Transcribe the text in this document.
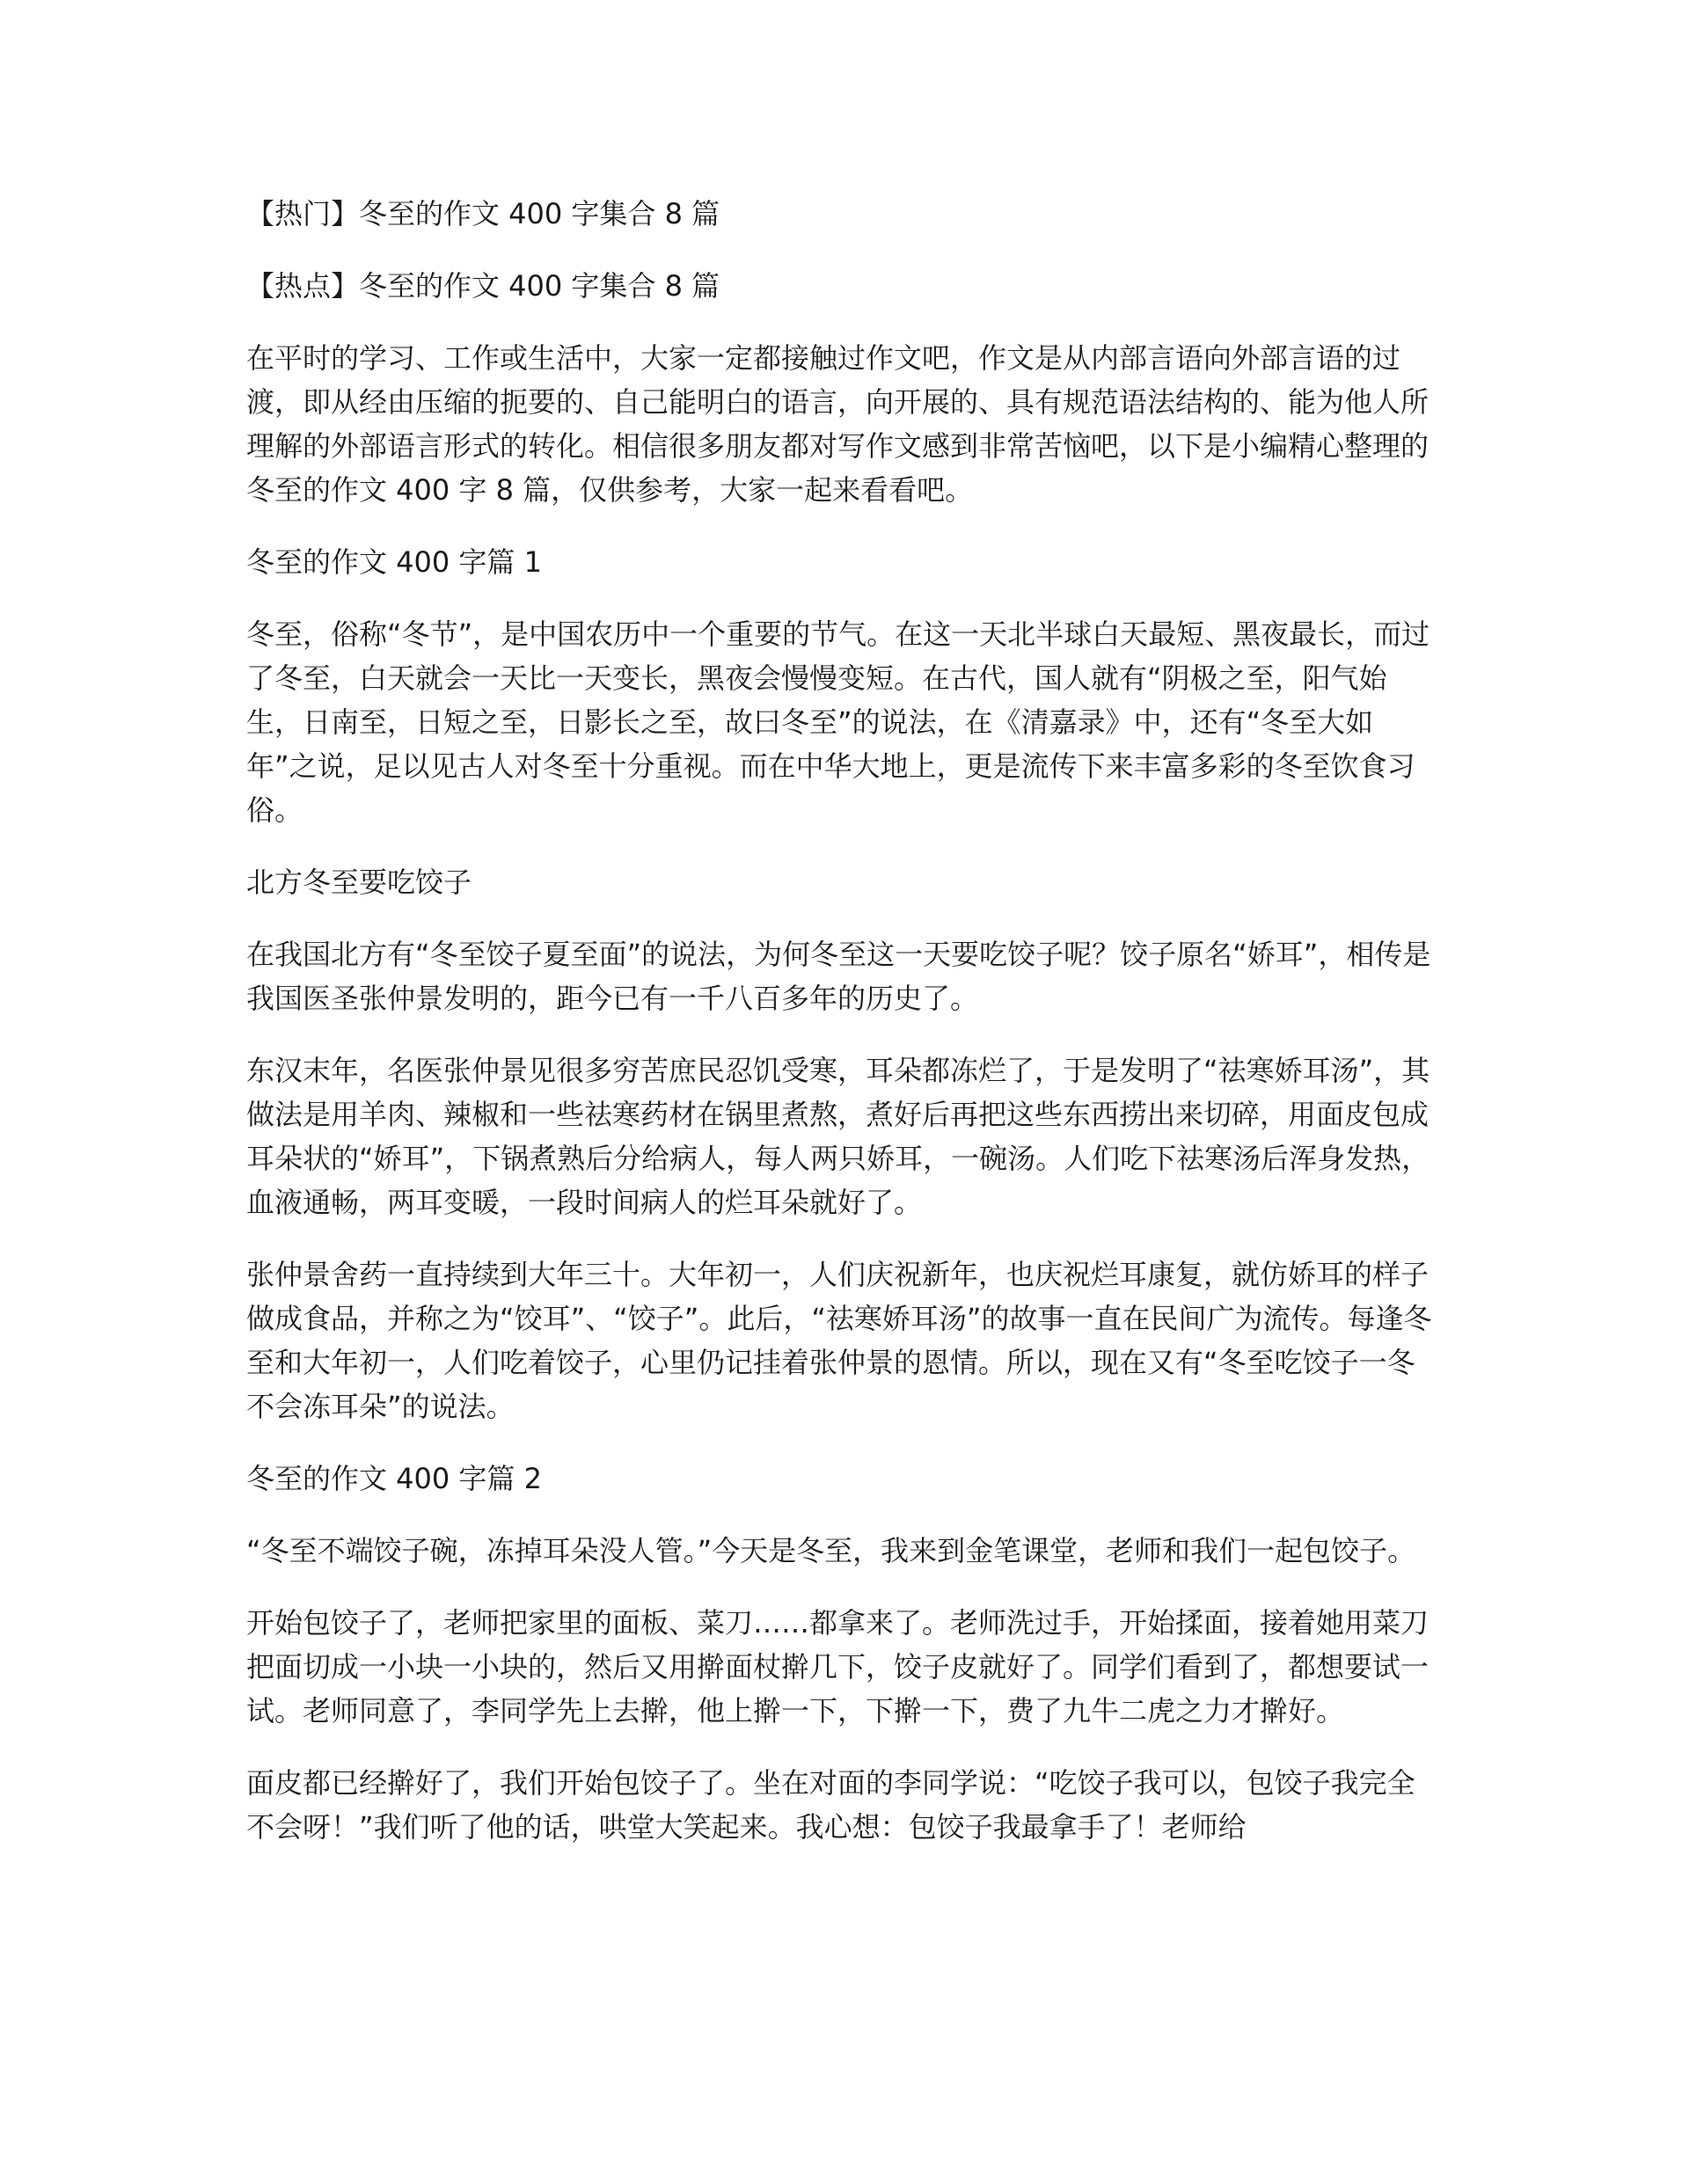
【热门】冬至的作文 400 字集合 8 篇
【热点】冬至的作文 400 字集合 8 篇
在平时的学习、工作或生活中，大家一定都接触过作文吧，作文是从内部言语向外部言语的过渡，即从经由压缩的扼要的、自己能明白的语言，向开展的、具有规范语法结构的、能为他人所理解的外部语言形式的转化。相信很多朋友都对写作文感到非常苦恼吧，以下是小编精心整理的冬至的作文 400 字 8 篇，仅供参考，大家一起来看看吧。
冬至的作文 400 字篇 1
冬至，俗称“冬节”，是中国农历中一个重要的节气。在这一天北半球白天最短、黑夜最长，而过了冬至，白天就会一天比一天变长，黑夜会慢慢变短。在古代，国人就有“阴极之至，阳气始生，日南至，日短之至，日影长之至，故曰冬至”的说法，在《清嘉录》中，还有“冬至大如年”之说，足以见古人对冬至十分重视。而在中华大地上，更是流传下来丰富多彩的冬至饮食习俗。
北方冬至要吃饺子
在我国北方有“冬至饺子夏至面”的说法，为何冬至这一天要吃饺子呢？饺子原名“娇耳”，相传是我国医圣张仲景发明的，距今已有一千八百多年的历史了。
东汉末年，名医张仲景见很多穷苦庶民忍饥受寒，耳朵都冻烂了，于是发明了“祛寒娇耳汤”，其做法是用羊肉、辣椒和一些祛寒药材在锅里煮熬，煮好后再把这些东西捞出来切碎，用面皮包成耳朵状的“娇耳”，下锅煮熟后分给病人，每人两只娇耳，一碗汤。人们吃下祛寒汤后浑身发热，血液通畅，两耳变暖，一段时间病人的烂耳朵就好了。
张仲景舍药一直持续到大年三十。大年初一，人们庆祝新年，也庆祝烂耳康复，就仿娇耳的样子做成食品，并称之为“饺耳”、“饺子”。此后，“祛寒娇耳汤”的故事一直在民间广为流传。每逢冬至和大年初一，人们吃着饺子，心里仍记挂着张仲景的恩情。所以，现在又有“冬至吃饺子一冬不会冻耳朵”的说法。
冬至的作文 400 字篇 2
“冬至不端饺子碗，冻掉耳朵没人管。”今天是冬至，我来到金笔课堂，老师和我们一起包饺子。
开始包饺子了，老师把家里的面板、菜刀……都拿来了。老师洗过手，开始揉面，接着她用菜刀把面切成一小块一小块的，然后又用擀面杖擀几下，饺子皮就好了。同学们看到了，都想要试一试。老师同意了，李同学先上去擀，他上擀一下，下擀一下，费了九牛二虎之力才擀好。
面皮都已经擀好了，我们开始包饺子了。坐在对面的李同学说：“吃饺子我可以，包饺子我完全不会呀！”我们听了他的话，哄堂大笑起来。我心想：包饺子我最拿手了！老师给
